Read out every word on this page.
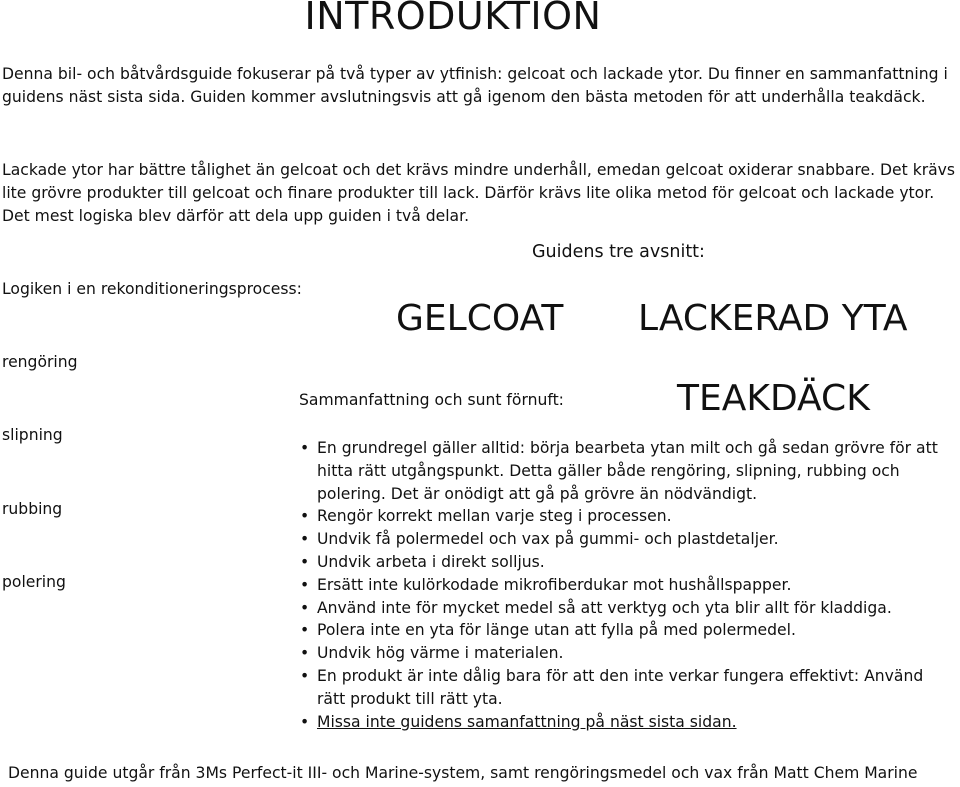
INTRODUKTION
Denna bil- och båtvårdsguide fokuserar på två typer av ytfinish: gelcoat och lackade ytor. Du finner en sammanfattning i guidens näst sista sida. Guiden kommer avslutningsvis att gå igenom den bästa metoden för att underhålla teakdäck.
Lackade ytor har bättre tålighet än gelcoat och det krävs mindre underhåll, emedan gelcoat oxiderar snabbare. Det krävs lite grövre produkter till gelcoat och finare produkter till lack. Därför krävs lite olika metod för gelcoat och lackade ytor. Det mest logiska blev därför att dela upp guiden i två delar.
Guidens tre avsnitt:
GELCOAT LACKERAD YTA
TEAKDÄCK
Logiken i en rekonditioneringsprocess:
rengöring
slipning
rubbing
polering
Sammanfattning och sunt förnuft:
• En grundregel gäller alltid: börja bearbeta ytan milt och gå sedan grövre för att hitta rätt utgångspunkt. Detta gäller både rengöring, slipning, rubbing och polering. Det är onödigt att gå på grövre än nödvändigt.
• Rengör korrekt mellan varje steg i processen.
• Undvik få polermedel och vax på gummi- och plastdetaljer.
• Undvik arbeta i direkt solljus.
• Ersätt inte kulörkodade mikrofiberdukar mot hushållspapper.
• Använd inte för mycket medel så att verktyg och yta blir allt för kladdiga.
• Polera inte en yta för länge utan att fylla på med polermedel.
• Undvik hög värme i materialen.
• En produkt är inte dålig bara för att den inte verkar fungera effektivt: Använd rätt produkt till rätt yta.
• Missa inte guidens samanfattning på näst sista sidan.
Denna guide utgår från 3Ms Perfect-it III- och Marine-system, samt rengöringsmedel och vax från Matt Chem Marine
